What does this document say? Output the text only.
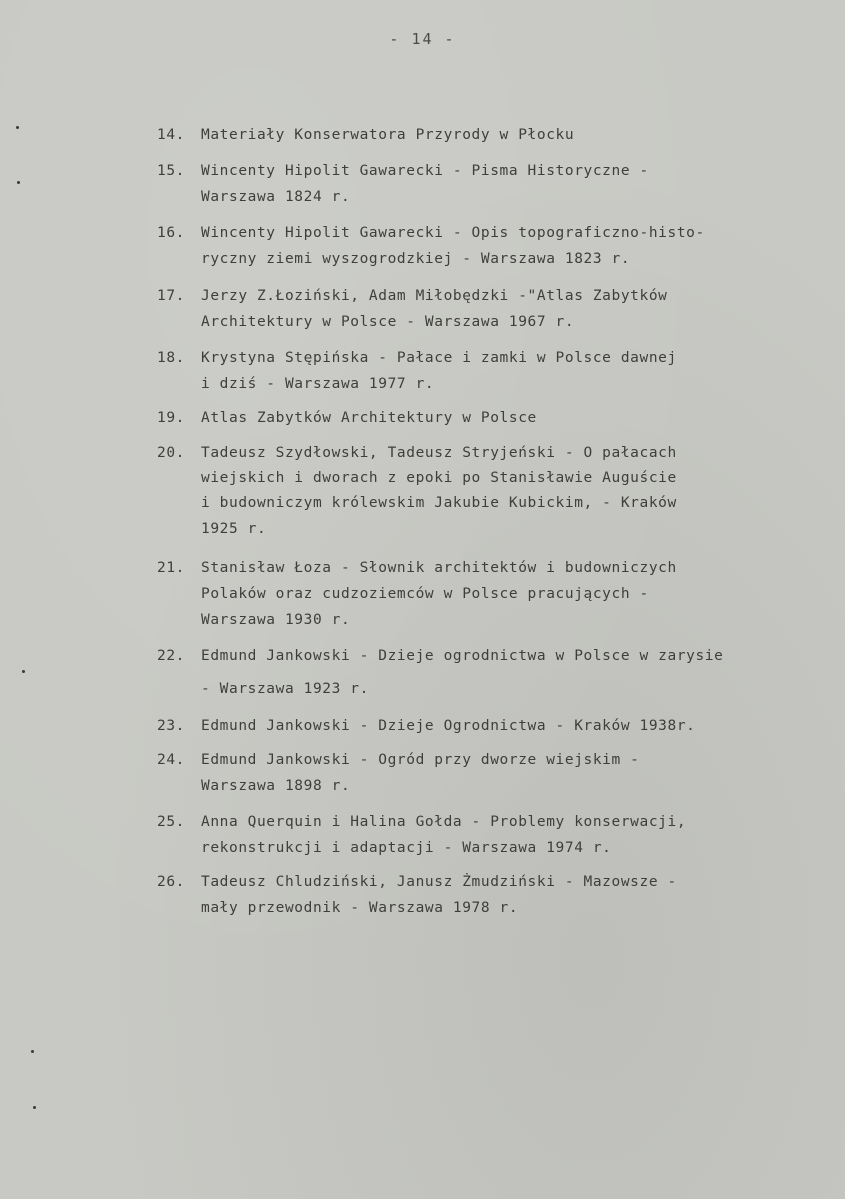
- 14 -
14.	Materiały Konserwatora Przyrody w Płocku
15.	Wincenty Hipolit Gawarecki - Pisma Historyczne -
Warszawa 1824 r.
16.	Wincenty Hipolit Gawarecki - Opis topograficzno-histo-
ryczny ziemi wyszogrodzkiej - Warszawa 1823 r.
17.	Jerzy Z.Łoziński, Adam Miłobędzki -"Atlas Zabytków
Architektury w Polsce - Warszawa 1967 r.
18.	Krystyna Stępińska - Pałace i zamki w Polsce dawnej
i dziś - Warszawa 1977 r.
19.	Atlas Zabytków Architektury w Polsce
20.	Tadeusz Szydłowski, Tadeusz Stryjeński - O pałacach
wiejskich i dworach z epoki po Stanisławie Auguście
i budowniczym królewskim Jakubie Kubickim, - Kraków
1925 r.
21.	Stanisław Łoza - Słownik architektów i budowniczych
Polaków oraz cudzoziemców w Polsce pracujących -
Warszawa 1930 r.
22.	Edmund Jankowski - Dzieje ogrodnictwa w Polsce w zarysie
- Warszawa 1923 r.
23.	Edmund Jankowski - Dzieje Ogrodnictwa - Kraków 1938r.
24.	Edmund Jankowski - Ogród przy dworze wiejskim -
Warszawa 1898 r.
25.	Anna Querquin i Halina Gołda - Problemy konserwacji,
rekonstrukcji i adaptacji - Warszawa 1974 r.
26.	Tadeusz Chludziński, Janusz Żmudziński - Mazowsze -
mały przewodnik - Warszawa 1978 r.
